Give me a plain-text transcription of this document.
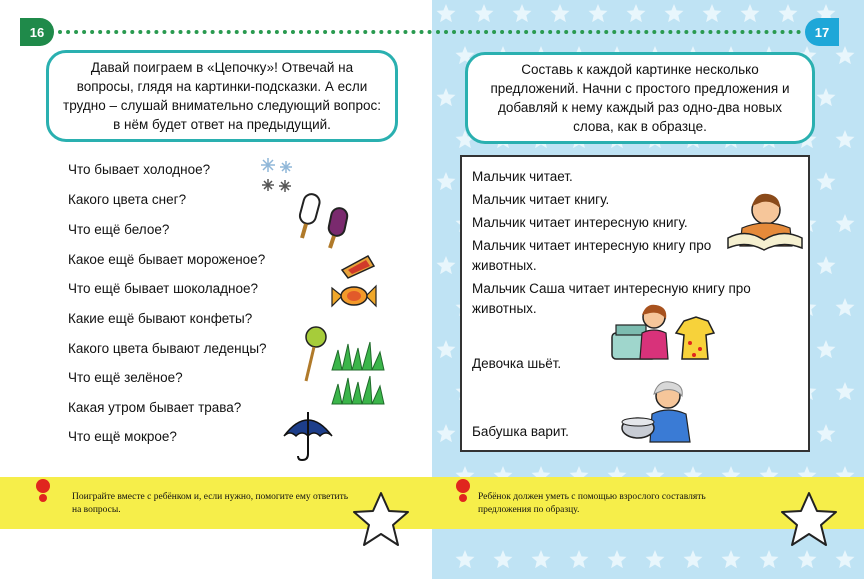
16
Давай поиграем в «Цепочку»! Отвечай на вопросы, глядя на картинки-подсказки. А если трудно – слушай внимательно следующий вопрос: в нём будет ответ на предыдущий.
Что бывает холодное?
Какого цвета снег?
Что ещё белое?
Какое ещё бывает мороженое?
Что ещё бывает шоколадное?
Какие ещё бывают конфеты?
Какого цвета бывают леденцы?
Что ещё зелёное?
Какая утром бывает трава?
Что ещё мокрое?
Поиграйте вместе с ребёнком и, если нужно, помогите ему ответить на вопросы.
17
Составь к каждой картинке несколько предложений. Начни с простого предложения и добавляй к нему каждый раз одно-два новых слова, как в образце.
Мальчик читает.
Мальчик читает книгу.
Мальчик читает интересную книгу.
Мальчик читает интересную книгу про животных.
Мальчик Саша читает интересную книгу про животных.
Девочка шьёт.
Бабушка варит.
Ребёнок должен уметь с помощью взрослого составлять предложения по образцу.
